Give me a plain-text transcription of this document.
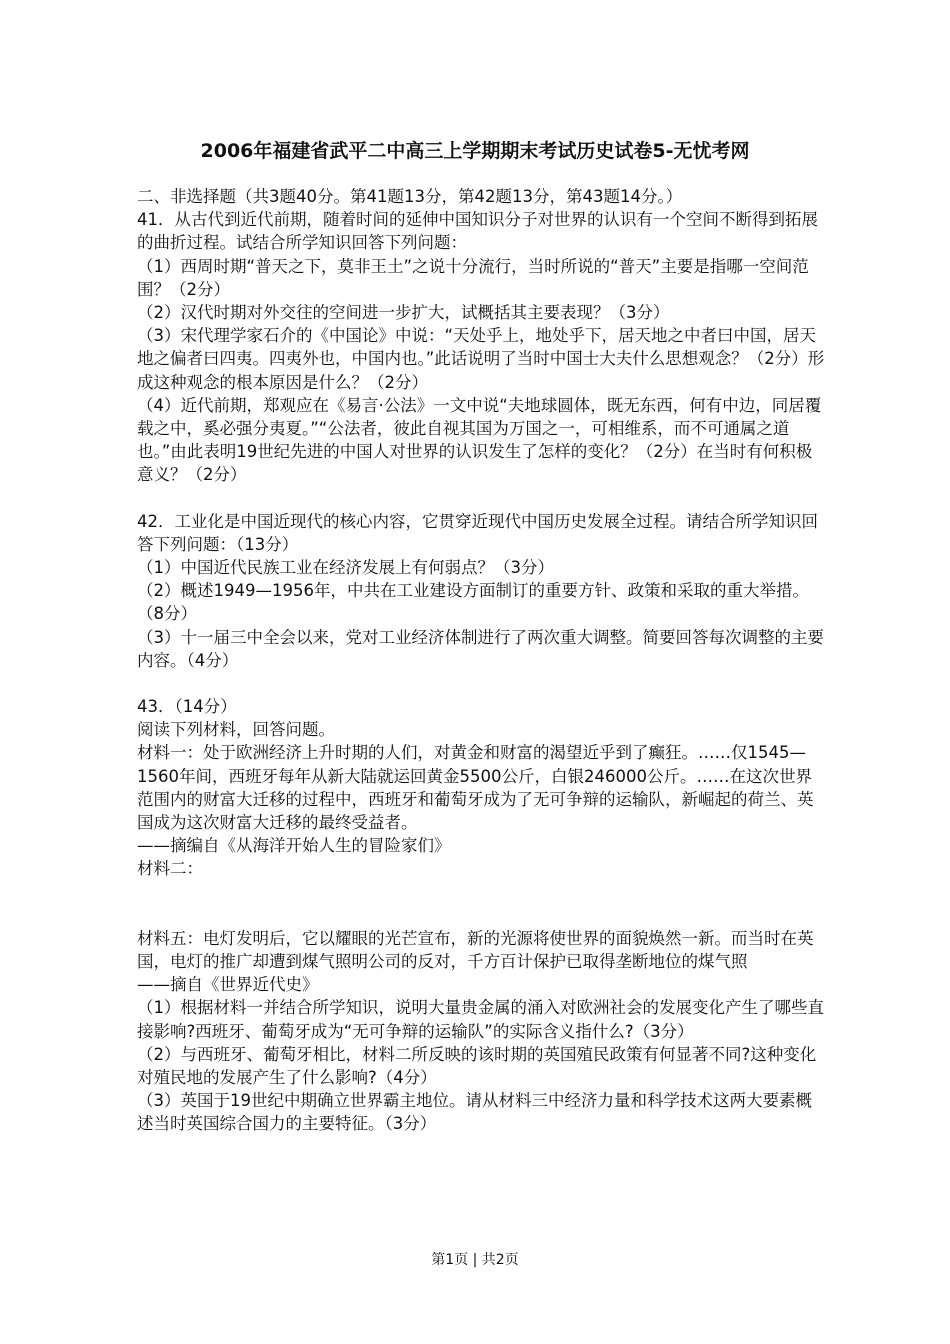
2006年福建省武平二中高三上学期期末考试历史试卷5-无忧考网

二、非选择题（共3题40分。第41题13分，第42题13分，第43题14分。）

41．从古代到近代前期，随着时间的延伸中国知识分子对世界的认识有一个空间不断得到拓展的曲折过程。试结合所学知识回答下列问题：

（1）西周时期“普天之下，莫非王土”之说十分流行，当时所说的“普天”主要是指哪一空间范围？（2分）

（2）汉代时期对外交往的空间进一步扩大，试概括其主要表现？（3分）

（3）宋代理学家石介的《中国论》中说：“天处乎上，地处乎下，居天地之中者曰中国，居天地之偏者曰四夷。四夷外也，中国内也。”此话说明了当时中国士大夫什么思想观念？（2分）形成这种观念的根本原因是什么？（2分）

（4）近代前期，郑观应在《易言·公法》一文中说“夫地球圆体，既无东西，何有中边，同居覆载之中，奚必强分夷夏。”“公法者，彼此自视其国为万国之一，可相维系，而不可通属之道也。”由此表明19世纪先进的中国人对世界的认识发生了怎样的变化？（2分）在当时有何积极意义？（2分）

42．工业化是中国近现代的核心内容，它贯穿近现代中国历史发展全过程。请结合所学知识回答下列问题：（13分）

（1）中国近代民族工业在经济发展上有何弱点？（3分）

（2）概述1949—1956年，中共在工业建设方面制订的重要方针、政策和采取的重大举措。（8分）

（3）十一届三中全会以来，党对工业经济体制进行了两次重大调整。简要回答每次调整的主要内容。（4分）

43．（14分）

阅读下列材料，回答问题。

材料一：处于欧洲经济上升时期的人们，对黄金和财富的渴望近乎到了癫狂。……仅1545—1560年间，西班牙每年从新大陆就运回黄金5500公斤，白银246000公斤。……在这次世界范围内的财富大迁移的过程中，西班牙和葡萄牙成为了无可争辩的运输队，新崛起的荷兰、英国成为这次财富大迁移的最终受益者。

——摘编自《从海洋开始人生的冒险家们》

材料二：

材料五：电灯发明后，它以耀眼的光芒宣布，新的光源将使世界的面貌焕然一新。而当时在英国，电灯的推广却遭到煤气照明公司的反对，千方百计保护已取得垄断地位的煤气照

——摘自《世界近代史》

（1）根据材料一并结合所学知识，说明大量贵金属的涌入对欧洲社会的发展变化产生了哪些直接影响?西班牙、葡萄牙成为“无可争辩的运输队”的实际含义指什么?（3分）

（2）与西班牙、葡萄牙相比，材料二所反映的该时期的英国殖民政策有何显著不同?这种变化对殖民地的发展产生了什么影响?（4分）

（3）英国于19世纪中期确立世界霸主地位。请从材料三中经济力量和科学技术这两大要素概述当时英国综合国力的主要特征。（3分）

第1页 | 共2页
